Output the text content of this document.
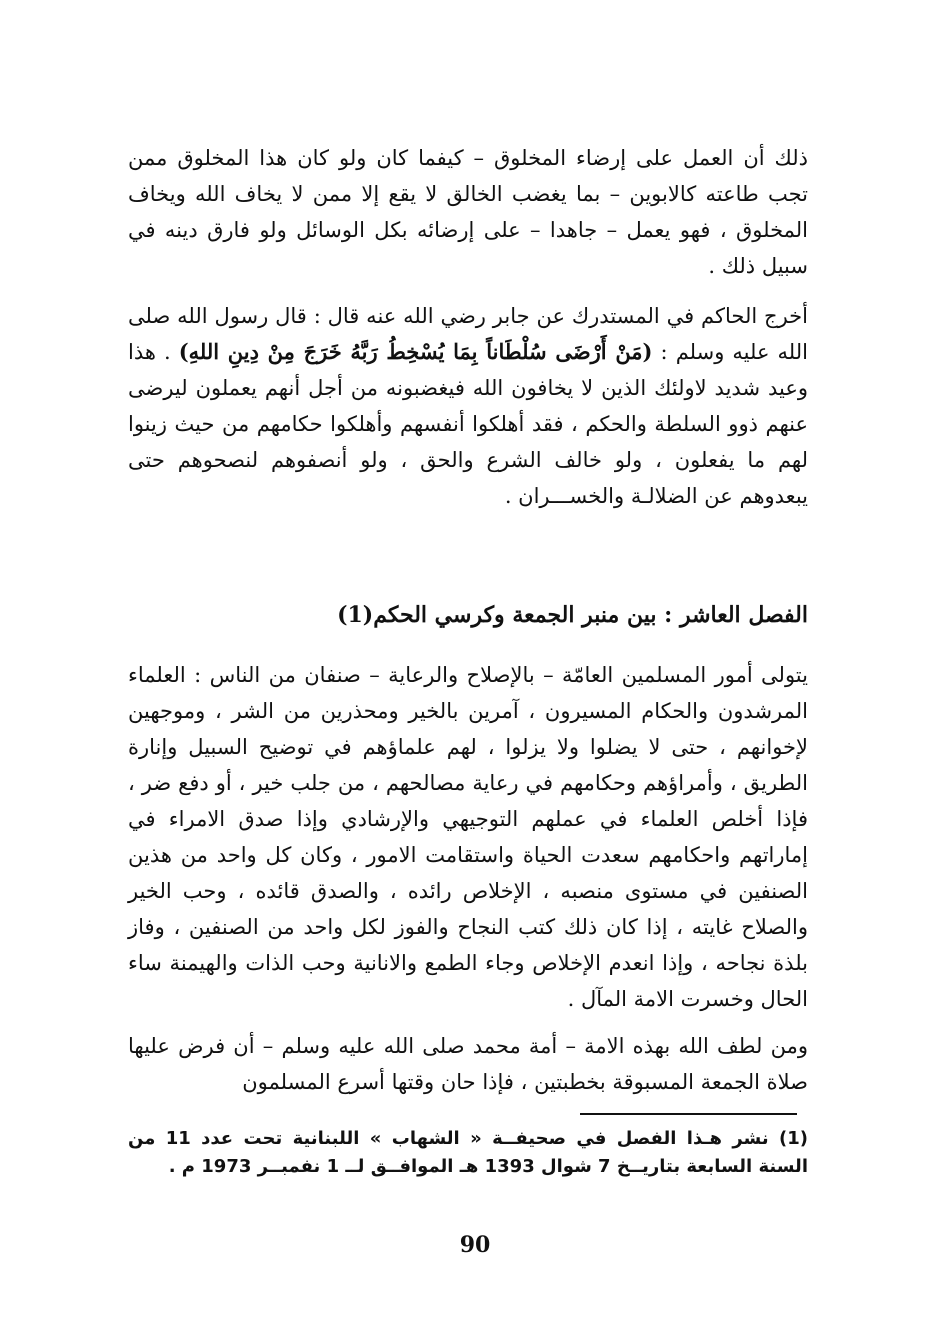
ذلك أن العمل على إرضاء المخلوق – كيفما كان ولو كان هذا المخلوق ممن تجب طاعته كالابوين – بما يغضب الخالق لا يقع إلا ممن لا يخاف الله ويخاف المخلوق ، فهو يعمل – جاهدا – على إرضائه بكل الوسائل ولو فارق دينه في سبيل ذلك .

أخرج الحاكم في المستدرك عن جابر رضي الله عنه قال : قال رسول الله صلى الله عليه وسلم : (مَنْ أَرْضَى سُلْطَاناً بِمَا يُسْخِطُ رَبَّهُ خَرَجَ مِنْ دِينِ اللهِ) . هذا وعيد شديد لاولئك الذين لا يخافون الله فيغضبونه من أجل أنهم يعملون ليرضى عنهم ذوو السلطة والحكم ، فقد أهلكوا أنفسهم وأهلكوا حكامهم من حيث زينوا لهم ما يفعلون ، ولو خالف الشرع والحق ، ولو أنصفوهم لنصحوهم حتى يبعدوهم عن الضلالـة والخســـران .

الفصل العاشر : بين منبر الجمعة وكرسي الحكم(1)

يتولى أمور المسلمين العامّة – بالإصلاح والرعاية – صنفان من الناس : العلماء المرشدون والحكام المسيرون ، آمرين بالخير ومحذرين من الشر ، وموجهين لإخوانهم ، حتى لا يضلوا ولا يزلوا ، لهم علماؤهم في توضيح السبيل وإنارة الطريق ، وأمراؤهم وحكامهم في رعاية مصالحهم ، من جلب خير ، أو دفع ضر ، فإذا أخلص العلماء في عملهم التوجيهي والإرشادي وإذا صدق الامراء في إماراتهم واحكامهم سعدت الحياة واستقامت الامور ، وكان كل واحد من هذين الصنفين في مستوى منصبه ، الإخلاص رائده ، والصدق قائده ، وحب الخير والصلاح غايته ، إذا كان ذلك كتب النجاح والفوز لكل واحد من الصنفين ، وفاز بلذة نجاحه ، وإذا انعدم الإخلاص وجاء الطمع والانانية وحب الذات والهيمنة ساء الحال وخسرت الامة المآل .

ومن لطف الله بهذه الامة – أمة محمد صلى الله عليه وسلم – أن فرض عليها صلاة الجمعة المسبوقة بخطبتين ، فإذا حان وقتها أسرع المسلمون

(1) نشر هـذا الفصل في صحيفــة « الشهاب » اللبنانية تحت عدد 11 من السنة السابعة بتاريــخ 7 شوال 1393 هـ الموافــق لــ 1 نفمبــر 1973 م .

90
